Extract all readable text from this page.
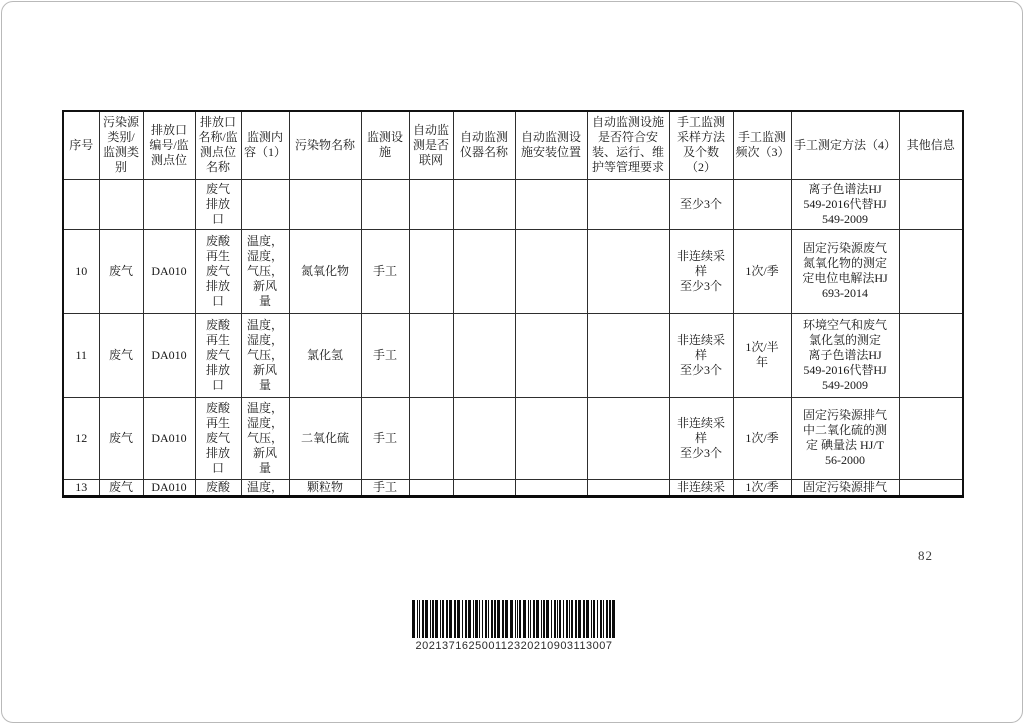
序号	污染源类别/监测类别	排放口编号/监测点位	排放口名称/监测点位名称	监测内容（1）	污染物名称	监测设施	自动监测是否联网	自动监测仪器名称	自动监测设施安装位置	自动监测设施是否符合安装、运行、维护等管理要求	手工监测采样方法及个数（2）	手工监测频次（3）	手工测定方法（4）	其他信息
			废气
排放
口								至少3个		离子色谱法HJ
549-2016代替HJ
549-2009	
10	废气	DA010	废酸
再生
废气
排放
口	温度，
湿度，
气压，
新风
量	氮氧化物	手工					非连续采
样
至少3个	1次/季	固定污染源废气
氮氧化物的测定
定电位电解法HJ
693-2014	
11	废气	DA010	废酸
再生
废气
排放
口	温度，
湿度，
气压，
新风
量	氯化氢	手工					非连续采
样
至少3个	1次/半
年	环境空气和废气
氯化氢的测定
离子色谱法HJ
549-2016代替HJ
549-2009	
12	废气	DA010	废酸
再生
废气
排放
口	温度，
湿度，
气压，
新风
量	二氧化硫	手工					非连续采
样
至少3个	1次/季	固定污染源排气
中二氧化硫的测
定 碘量法 HJ/T
56-2000	
13	废气	DA010	废酸	温度，	颗粒物	手工					非连续采	1次/季	固定污染源排气	
82
202137162500112320210903113007
